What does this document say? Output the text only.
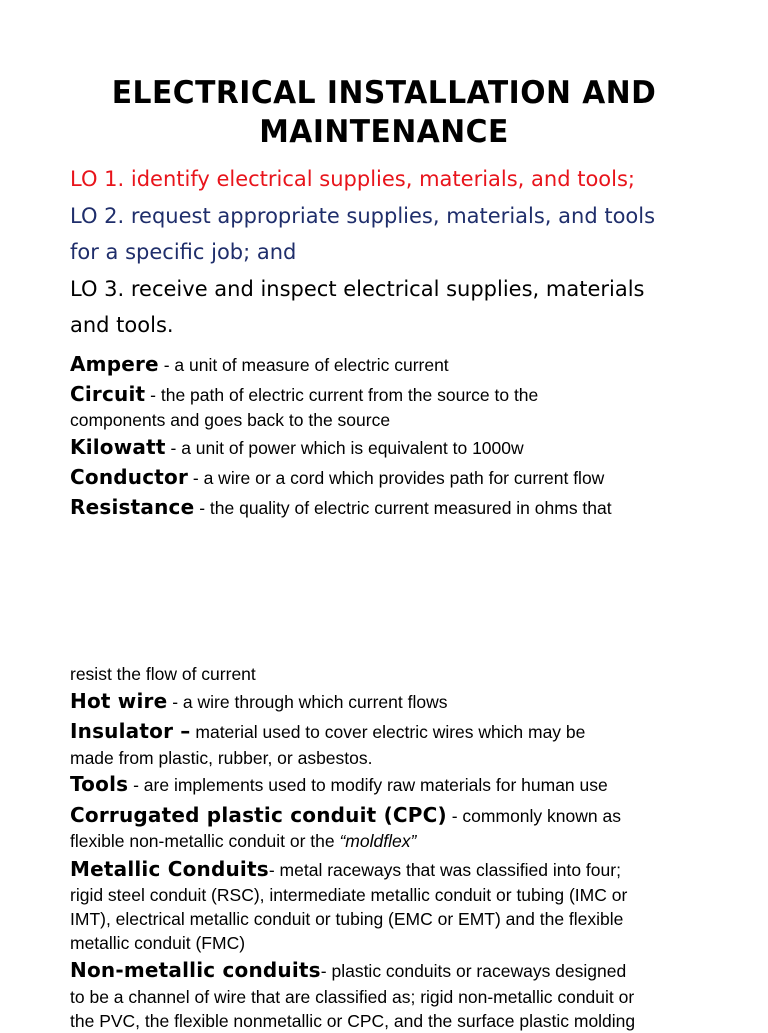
ELECTRICAL INSTALLATION AND
MAINTENANCE
LO 1. identify electrical supplies, materials, and tools;
LO 2. request appropriate supplies, materials, and tools
for a specific job; and
LO 3. receive and inspect electrical supplies, materials
and tools.
Ampere - a unit of measure of electric current
Circuit - the path of electric current from the source to the
components and goes back to the source
Kilowatt - a unit of power which is equivalent to 1000w
Conductor - a wire or a cord which provides path for current flow
Resistance - the quality of electric current measured in ohms that
resist the flow of current
Hot wire - a wire through which current flows
Insulator – material used to cover electric wires which may be
made from plastic, rubber, or asbestos.
Tools - are implements used to modify raw materials for human use
Corrugated plastic conduit (CPC) - commonly known as
flexible non-metallic conduit or the “moldflex”
Metallic Conduits- metal raceways that was classified into four;
rigid steel conduit (RSC), intermediate metallic conduit or tubing (IMC or
IMT), electrical metallic conduit or tubing (EMC or EMT) and the flexible
metallic conduit (FMC)
Non-metallic conduits- plastic conduits or raceways designed
to be a channel of wire that are classified as; rigid non-metallic conduit or
the PVC, the flexible nonmetallic or CPC, and the surface plastic molding
